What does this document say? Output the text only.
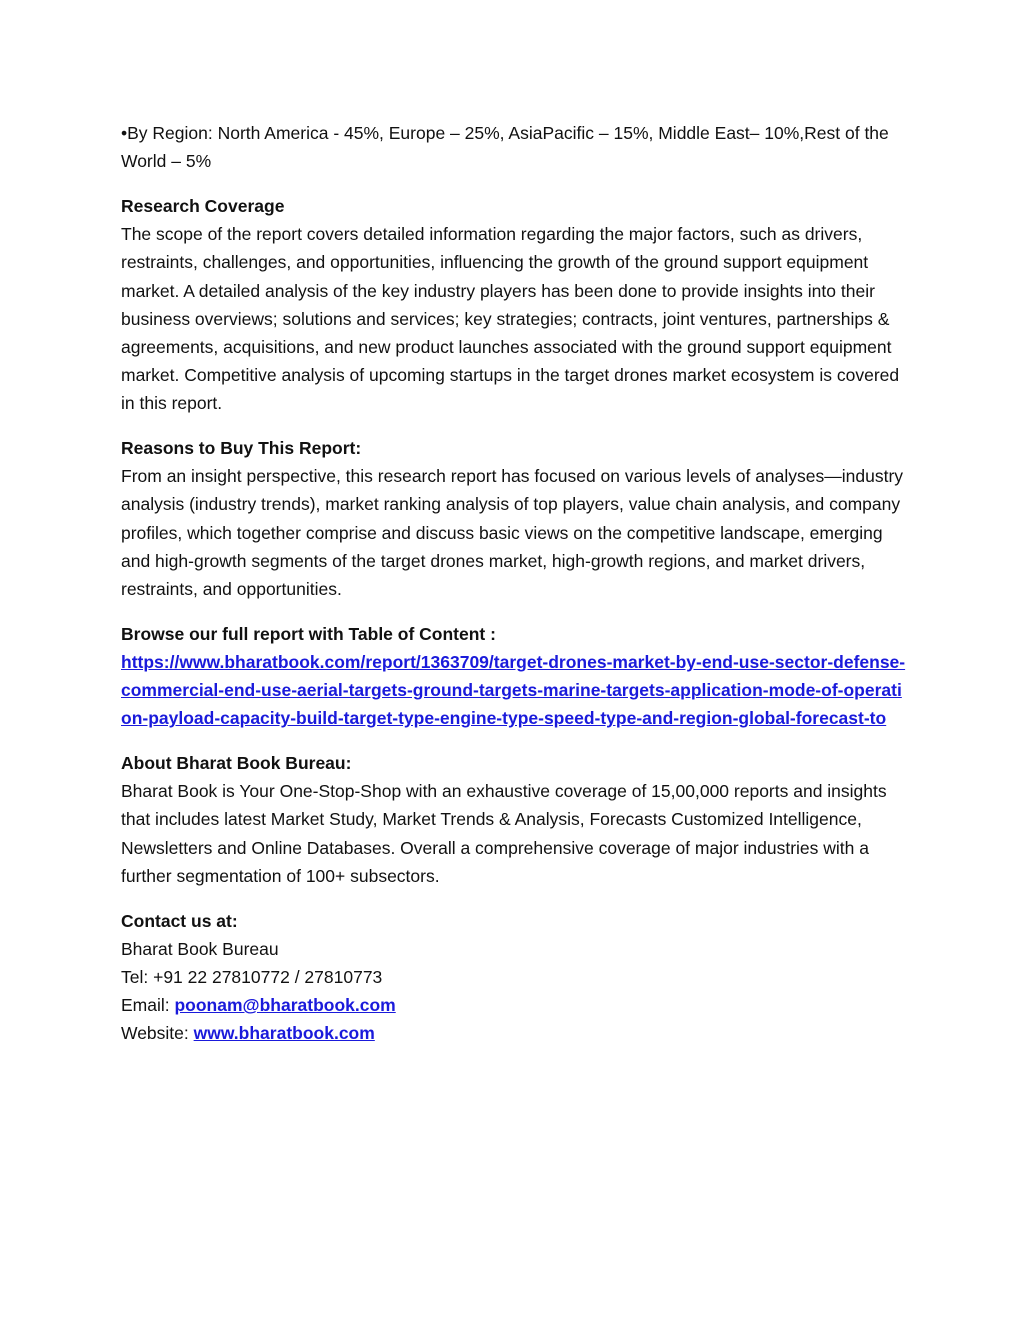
•By Region: North America - 45%, Europe – 25%, AsiaPacific – 15%, Middle East– 10%,Rest of the World – 5%

Research Coverage

The scope of the report covers detailed information regarding the major factors, such as drivers, restraints, challenges, and opportunities, influencing the growth of the ground support equipment market. A detailed analysis of the key industry players has been done to provide insights into their business overviews; solutions and services; key strategies; contracts, joint ventures, partnerships & agreements, acquisitions, and new product launches associated with the ground support equipment market. Competitive analysis of upcoming startups in the target drones market ecosystem is covered in this report.

Reasons to Buy This Report:

From an insight perspective, this research report has focused on various levels of analyses—industry analysis (industry trends), market ranking analysis of top players, value chain analysis, and company profiles, which together comprise and discuss basic views on the competitive landscape, emerging and high-growth segments of the target drones market, high-growth regions, and market drivers, restraints, and opportunities.

Browse our full report with Table of Content :
https://www.bharatbook.com/report/1363709/target-drones-market-by-end-use-sector-defense-commercial-end-use-aerial-targets-ground-targets-marine-targets-application-mode-of-operation-payload-capacity-build-target-type-engine-type-speed-type-and-region-global-forecast-to
About Bharat Book Bureau:

Bharat Book is Your One-Stop-Shop with an exhaustive coverage of 15,00,000 reports and insights that includes latest Market Study, Market Trends & Analysis, Forecasts Customized Intelligence, Newsletters and Online Databases. Overall a comprehensive coverage of major industries with a further segmentation of 100+ subsectors.

Contact us at:

Bharat Book Bureau

Tel: +91 22 27810772 / 27810773

Email: poonam@bharatbook.com

Website: www.bharatbook.com
